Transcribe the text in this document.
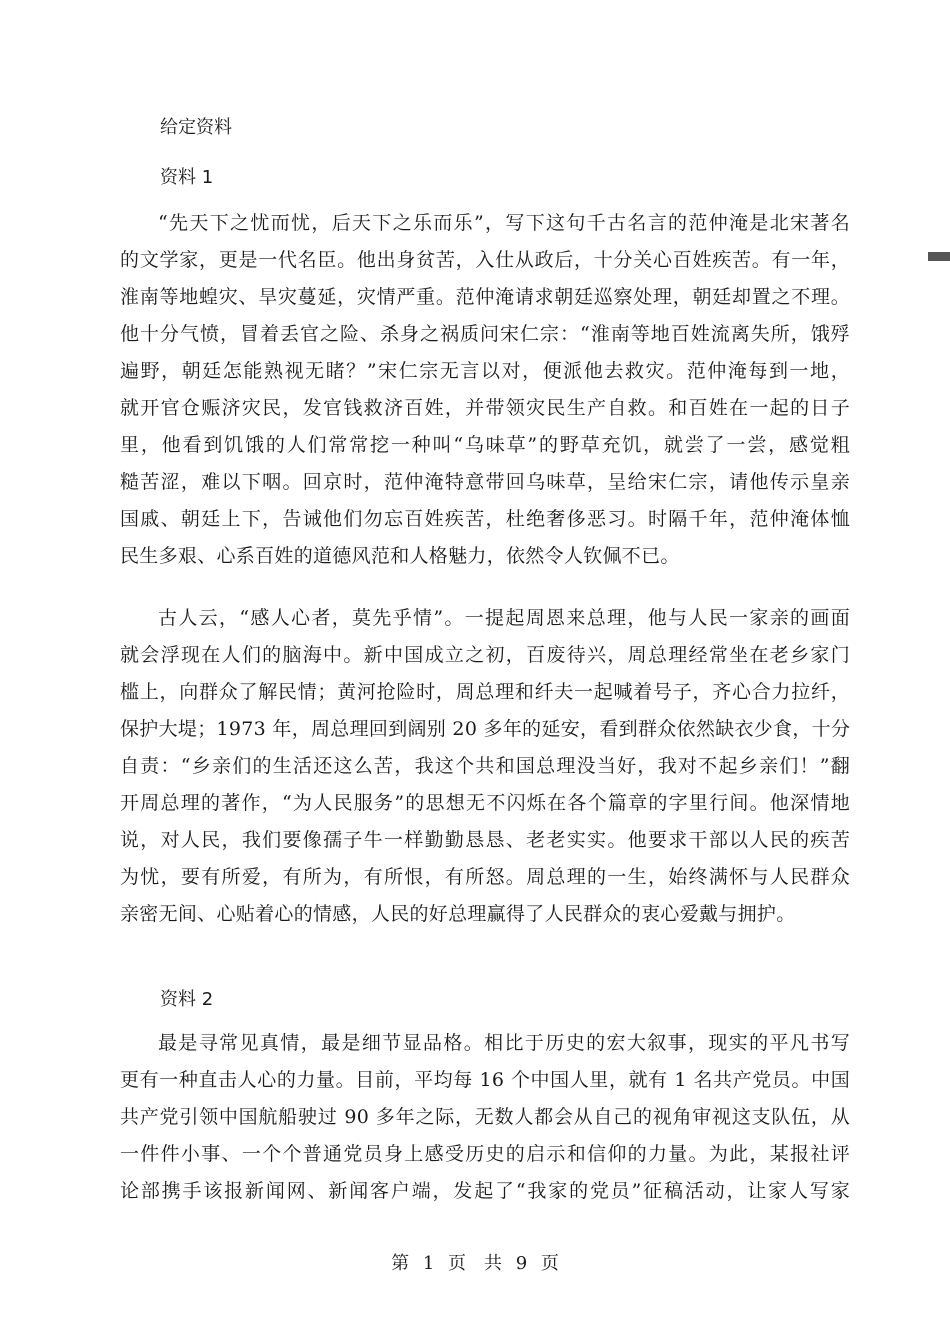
给定资料
资料 1
“先天下之忧而忧，后天下之乐而乐”，写下这句千古名言的范仲淹是北宋著名
的文学家，更是一代名臣。他出身贫苦，入仕从政后，十分关心百姓疾苦。有一年，
淮南等地蝗灾、旱灾蔓延，灾情严重。范仲淹请求朝廷巡察处理，朝廷却置之不理。
他十分气愤，冒着丢官之险、杀身之祸质问宋仁宗：“淮南等地百姓流离失所，饿殍
遍野，朝廷怎能熟视无睹？”宋仁宗无言以对，便派他去救灾。范仲淹每到一地，
就开官仓赈济灾民，发官钱救济百姓，并带领灾民生产自救。和百姓在一起的日子
里，他看到饥饿的人们常常挖一种叫“乌味草”的野草充饥，就尝了一尝，感觉粗
糙苦涩，难以下咽。回京时，范仲淹特意带回乌味草，呈给宋仁宗，请他传示皇亲
国戚、朝廷上下，告诫他们勿忘百姓疾苦，杜绝奢侈恶习。时隔千年，范仲淹体恤
民生多艰、心系百姓的道德风范和人格魅力，依然令人钦佩不已。
古人云，“感人心者，莫先乎情”。一提起周恩来总理，他与人民一家亲的画面
就会浮现在人们的脑海中。新中国成立之初，百废待兴，周总理经常坐在老乡家门
槛上，向群众了解民情；黄河抢险时，周总理和纤夫一起喊着号子，齐心合力拉纤，
保护大堤；1973 年，周总理回到阔别 20 多年的延安，看到群众依然缺衣少食，十分
自责：“乡亲们的生活还这么苦，我这个共和国总理没当好，我对不起乡亲们！”翻
开周总理的著作，“为人民服务”的思想无不闪烁在各个篇章的字里行间。他深情地
说，对人民，我们要像孺子牛一样勤勤恳恳、老老实实。他要求干部以人民的疾苦
为忧，要有所爱，有所为，有所恨，有所怒。周总理的一生，始终满怀与人民群众
亲密无间、心贴着心的情感，人民的好总理赢得了人民群众的衷心爱戴与拥护。
资料 2
最是寻常见真情，最是细节显品格。相比于历史的宏大叙事，现实的平凡书写
更有一种直击人心的力量。目前，平均每 16 个中国人里，就有 1 名共产党员。中国
共产党引领中国航船驶过 90 多年之际，无数人都会从自己的视角审视这支队伍，从
一件件小事、一个个普通党员身上感受历史的启示和信仰的力量。为此，某报社评
论部携手该报新闻网、新闻客户端，发起了“我家的党员”征稿活动，让家人写家
第 1 页　共 9 页
